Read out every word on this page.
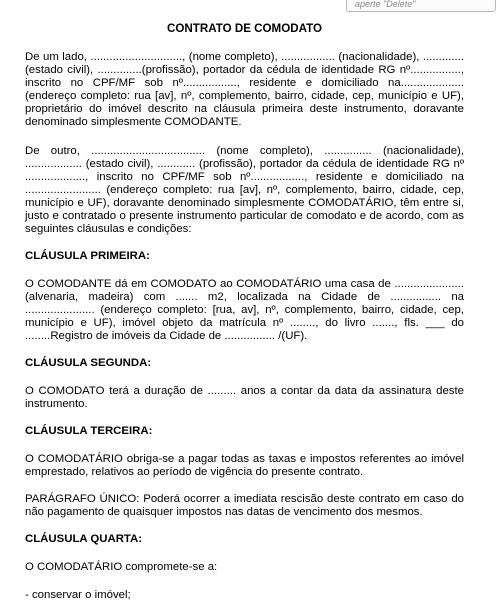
aperte "Delete"
CONTRATO DE COMODATO

De um lado, ............................., (nome completo), ................. (nacionalidade), ............. (estado civil), ..............(profissão), portador da cédula de identidade RG nº................, inscrito no CPF/MF sob nº................., residente e domiciliado na.................... (endereço completo: rua [av], nº, complemento, bairro, cidade, cep, município e UF), proprietário do imóvel descrito na cláusula primeira deste instrumento, doravante denominado simplesmente COMODANTE.

De outro, .................................... (nome completo), ............... (nacionalidade), .................. (estado civil), ............ (profissão), portador da cédula de identidade RG nº ..................., inscrito no CPF/MF sob nº................., residente e domiciliado na ........................ (endereço completo: rua [av], nº, complemento, bairro, cidade, cep, município e UF), doravante denominado simplesmente COMODATÁRIO, têm entre si, justo e contratado o presente instrumento particular de comodato e de acordo, com as seguintes cláusulas e condições:

CLÁUSULA PRIMEIRA:

O COMODANTE dá em COMODATO ao COMODATÁRIO uma casa de ...................... (alvenaria, madeira) com ....... m2, localizada na Cidade de ................ na ...................... (endereço completo: [rua, av], nº, complemento, bairro, cidade, cep, município e UF), imóvel objeto da matrícula nº ........, do livro ......., fls. ___ do ........Registro de imóveis da Cidade de ................ /(UF).

CLÁUSULA SEGUNDA:

O COMODATO terá a duração de ......... anos a contar da data da assinatura deste instrumento.

CLÁUSULA TERCEIRA:

O COMODATÁRIO obriga-se a pagar todas as taxas e impostos referentes ao imóvel emprestado, relativos ao período de vigência do presente contrato.

PARÁGRAFO ÚNICO: Poderá ocorrer a imediata rescisão deste contrato em caso do não pagamento de quaisquer impostos nas datas de vencimento dos mesmos.

CLÁUSULA QUARTA:

O COMODATÁRIO compromete-se a:

- conservar o imóvel;
